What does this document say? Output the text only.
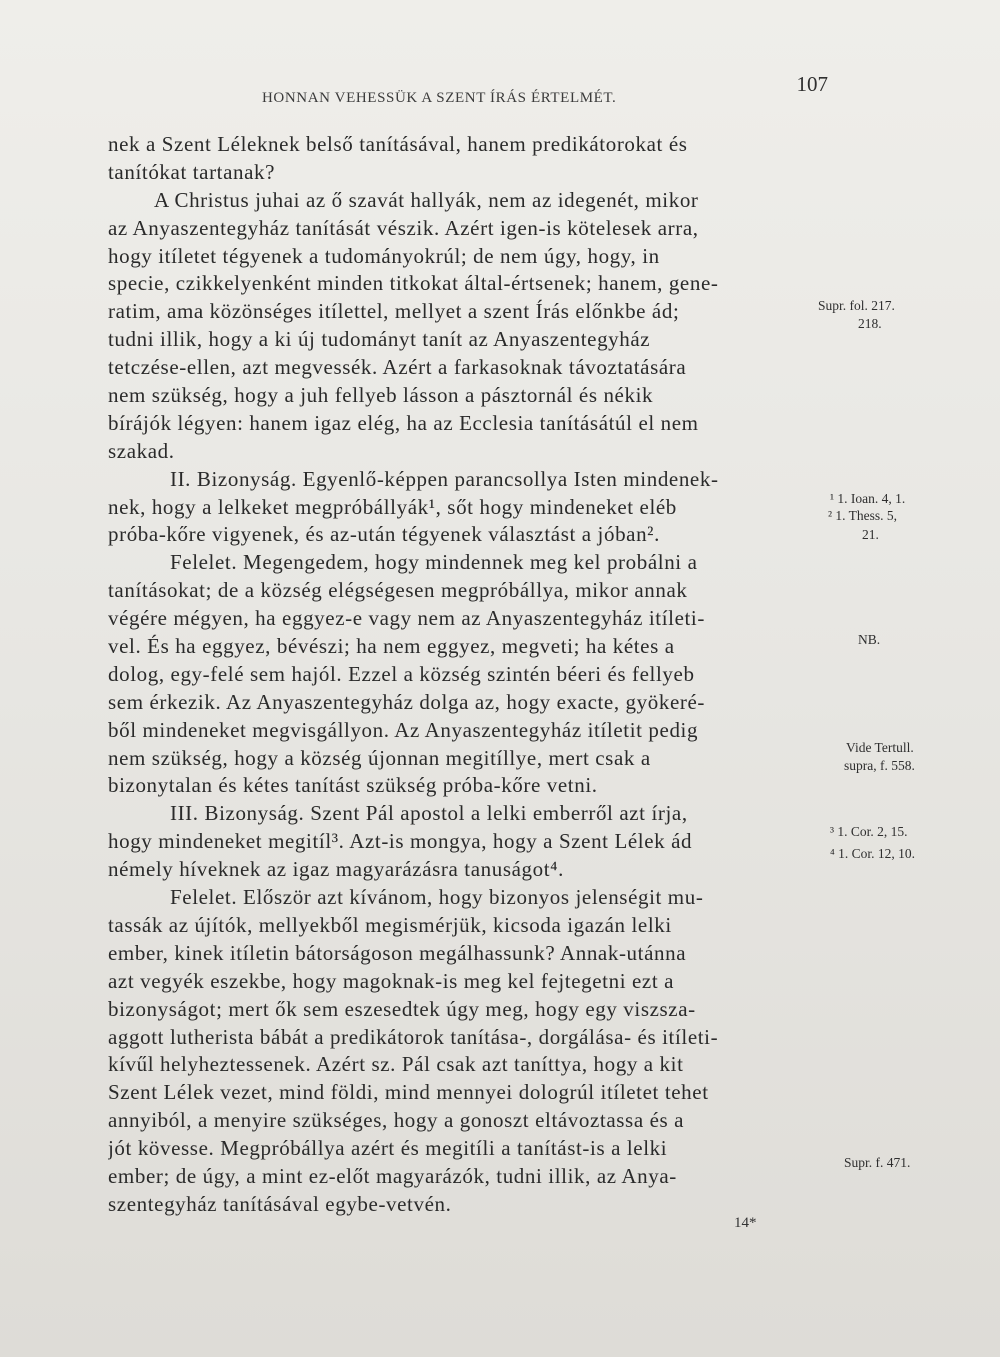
HONNAN VEHESSÜK A SZENT ÍRÁS ÉRTELMÉT.
107
nek a Szent Léleknek belső tanításával, hanem predikátorokat és
tanítókat tartanak?
A Christus juhai az ő szavát hallyák, nem az idegenét, mikor
az Anyaszentegyház tanítását vészik. Azért igen-is kötelesek arra,
hogy itíletet tégyenek a tudományokrúl; de nem úgy, hogy, in
specie, czikkelyenként minden titkokat által-értsenek; hanem, gene-
ratim, ama közönséges itílettel, mellyet a szent Írás előnkbe ád;
tudni illik, hogy a ki új tudományt tanít az Anyaszentegyház
tetczése-ellen, azt megvessék. Azért a farkasoknak távoztatására
nem szükség, hogy a juh fellyeb lásson a pásztornál és nékik
bírájók légyen: hanem igaz elég, ha az Ecclesia tanításátúl el nem
szakad.
II. Bizonyság. Egyenlő-képpen parancsollya Isten mindenek-
nek, hogy a lelkeket megpróbállyák¹, sőt hogy mindeneket eléb
próba-kőre vigyenek, és az-után tégyenek választást a jóban².
Felelet. Megengedem, hogy mindennek meg kel probálni a
tanításokat; de a község elégségesen megpróbállya, mikor annak
végére mégyen, ha eggyez-e vagy nem az Anyaszentegyház itíleti-
vel. És ha eggyez, bévészi; ha nem eggyez, megveti; ha kétes a
dolog, egy-felé sem hajól. Ezzel a község szintén béeri és fellyeb
sem érkezik. Az Anyaszentegyház dolga az, hogy exacte, gyökeré-
ből mindeneket megvisgállyon. Az Anyaszentegyház itíletit pedig
nem szükség, hogy a község újonnan megitíllye, mert csak a
bizonytalan és kétes tanítást szükség próba-kőre vetni.
III. Bizonyság. Szent Pál apostol a lelki emberről azt írja,
hogy mindeneket megitíl³. Azt-is mongya, hogy a Szent Lélek ád
némely híveknek az igaz magyarázásra tanuságot⁴.
Felelet. Először azt kívánom, hogy bizonyos jelenségit mu-
tassák az újítók, mellyekből megismérjük, kicsoda igazán lelki
ember, kinek itíletin bátorságoson megálhassunk? Annak-utánna
azt vegyék eszekbe, hogy magoknak-is meg kel fejtegetni ezt a
bizonyságot; mert ők sem eszesedtek úgy meg, hogy egy viszsza-
aggott lutherista bábát a predikátorok tanítása-, dorgálása- és itíleti-
kívűl helyheztessenek. Azért sz. Pál csak azt taníttya, hogy a kit
Szent Lélek vezet, mind földi, mind mennyei dologrúl itíletet tehet
annyiból, a menyire szükséges, hogy a gonoszt eltávoztassa és a
jót kövesse. Megpróbállya azért és megitíli a tanítást-is a lelki
ember; de úgy, a mint ez-előt magyarázók, tudni illik, az Anya-
szentegyház tanításával egybe-vetvén.
Supr. fol. 217.
218.
¹ 1. Ioan. 4, 1.
² 1. Thess. 5,
21.
NB.
Vide Tertull.
supra, f. 558.
³ 1. Cor. 2, 15.
⁴ 1. Cor. 12, 10.
Supr. f. 471.
14*
